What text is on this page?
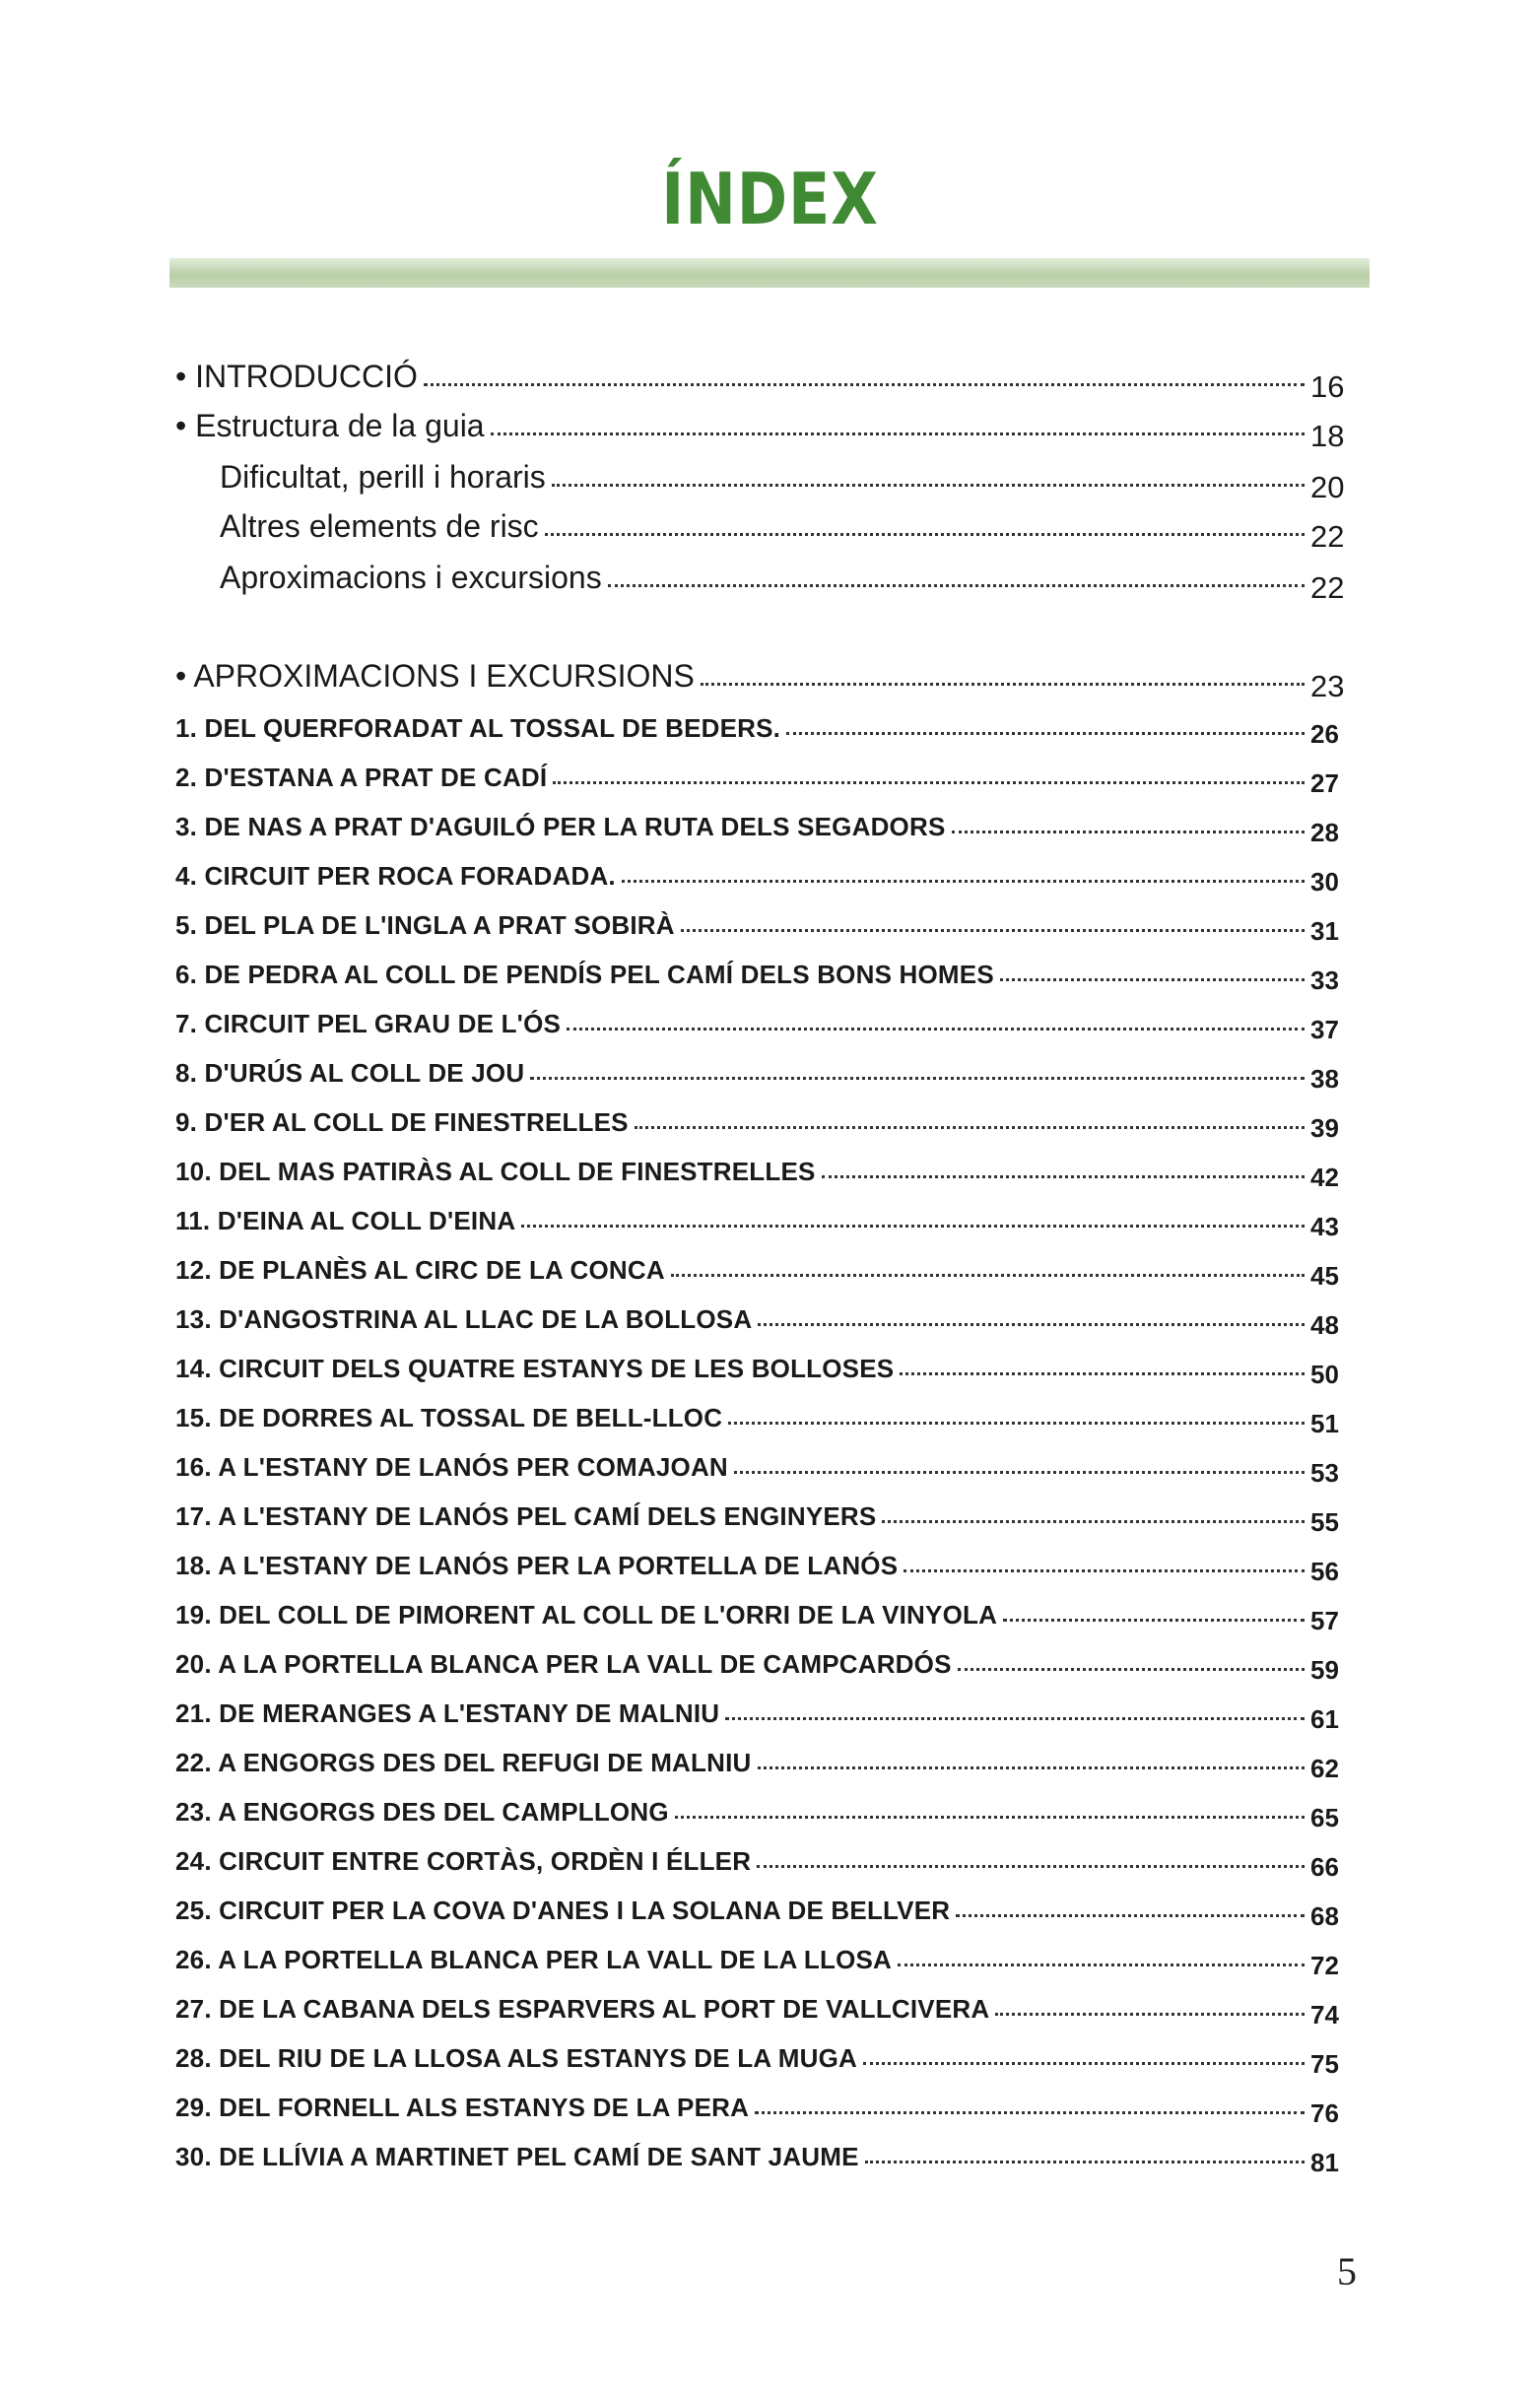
ÍNDEX
• INTRODUCCIÓ	16
• Estructura de la guia	18
Dificultat, perill i horaris	20
Altres elements de risc	22
Aproximacions i excursions	22
• APROXIMACIONS I EXCURSIONS	23
1. DEL QUERFORADAT AL TOSSAL DE BEDERS.	26
2. D'ESTANA A PRAT DE CADÍ	27
3. DE NAS A PRAT D'AGUILÓ PER LA RUTA DELS SEGADORS	28
4. CIRCUIT PER ROCA FORADADA.	30
5. DEL PLA DE L'INGLA A PRAT SOBIRÀ	31
6. DE PEDRA AL COLL DE PENDÍS PEL CAMÍ DELS BONS HOMES	33
7. CIRCUIT PEL GRAU DE L'ÓS	37
8. D'URÚS AL COLL DE JOU	38
9. D'ER AL COLL DE FINESTRELLES	39
10. DEL MAS PATIRÀS AL COLL DE FINESTRELLES	42
11. D'EINA AL COLL D'EINA	43
12. DE PLANÈS AL CIRC DE LA CONCA	45
13. D'ANGOSTRINA AL LLAC DE LA BOLLOSA	48
14. CIRCUIT DELS QUATRE ESTANYS DE LES BOLLOSES	50
15. DE DORRES AL TOSSAL DE BELL-LLOC	51
16. A L'ESTANY DE LANÓS PER COMAJOAN	53
17. A L'ESTANY DE LANÓS PEL CAMÍ DELS ENGINYERS	55
18. A L'ESTANY DE LANÓS PER LA PORTELLA DE LANÓS	56
19. DEL COLL DE PIMORENT AL COLL DE L'ORRI DE LA VINYOLA	57
20. A LA PORTELLA BLANCA PER LA VALL DE CAMPCARDÓS	59
21. DE MERANGES A L'ESTANY DE MALNIU	61
22. A ENGORGS DES DEL REFUGI DE MALNIU	62
23. A ENGORGS DES DEL CAMPLLONG	65
24. CIRCUIT ENTRE CORTÀS, ORDÈN I ÉLLER	66
25. CIRCUIT PER LA COVA D'ANES I LA SOLANA DE BELLVER	68
26. A LA PORTELLA BLANCA PER LA VALL DE LA LLOSA	72
27. DE LA CABANA DELS ESPARVERS AL PORT DE VALLCIVERA	74
28. DEL RIU DE LA LLOSA ALS ESTANYS DE LA MUGA	75
29. DEL FORNELL ALS ESTANYS DE LA PERA	76
30. DE LLÍVIA A MARTINET PEL CAMÍ DE SANT JAUME	81
5
